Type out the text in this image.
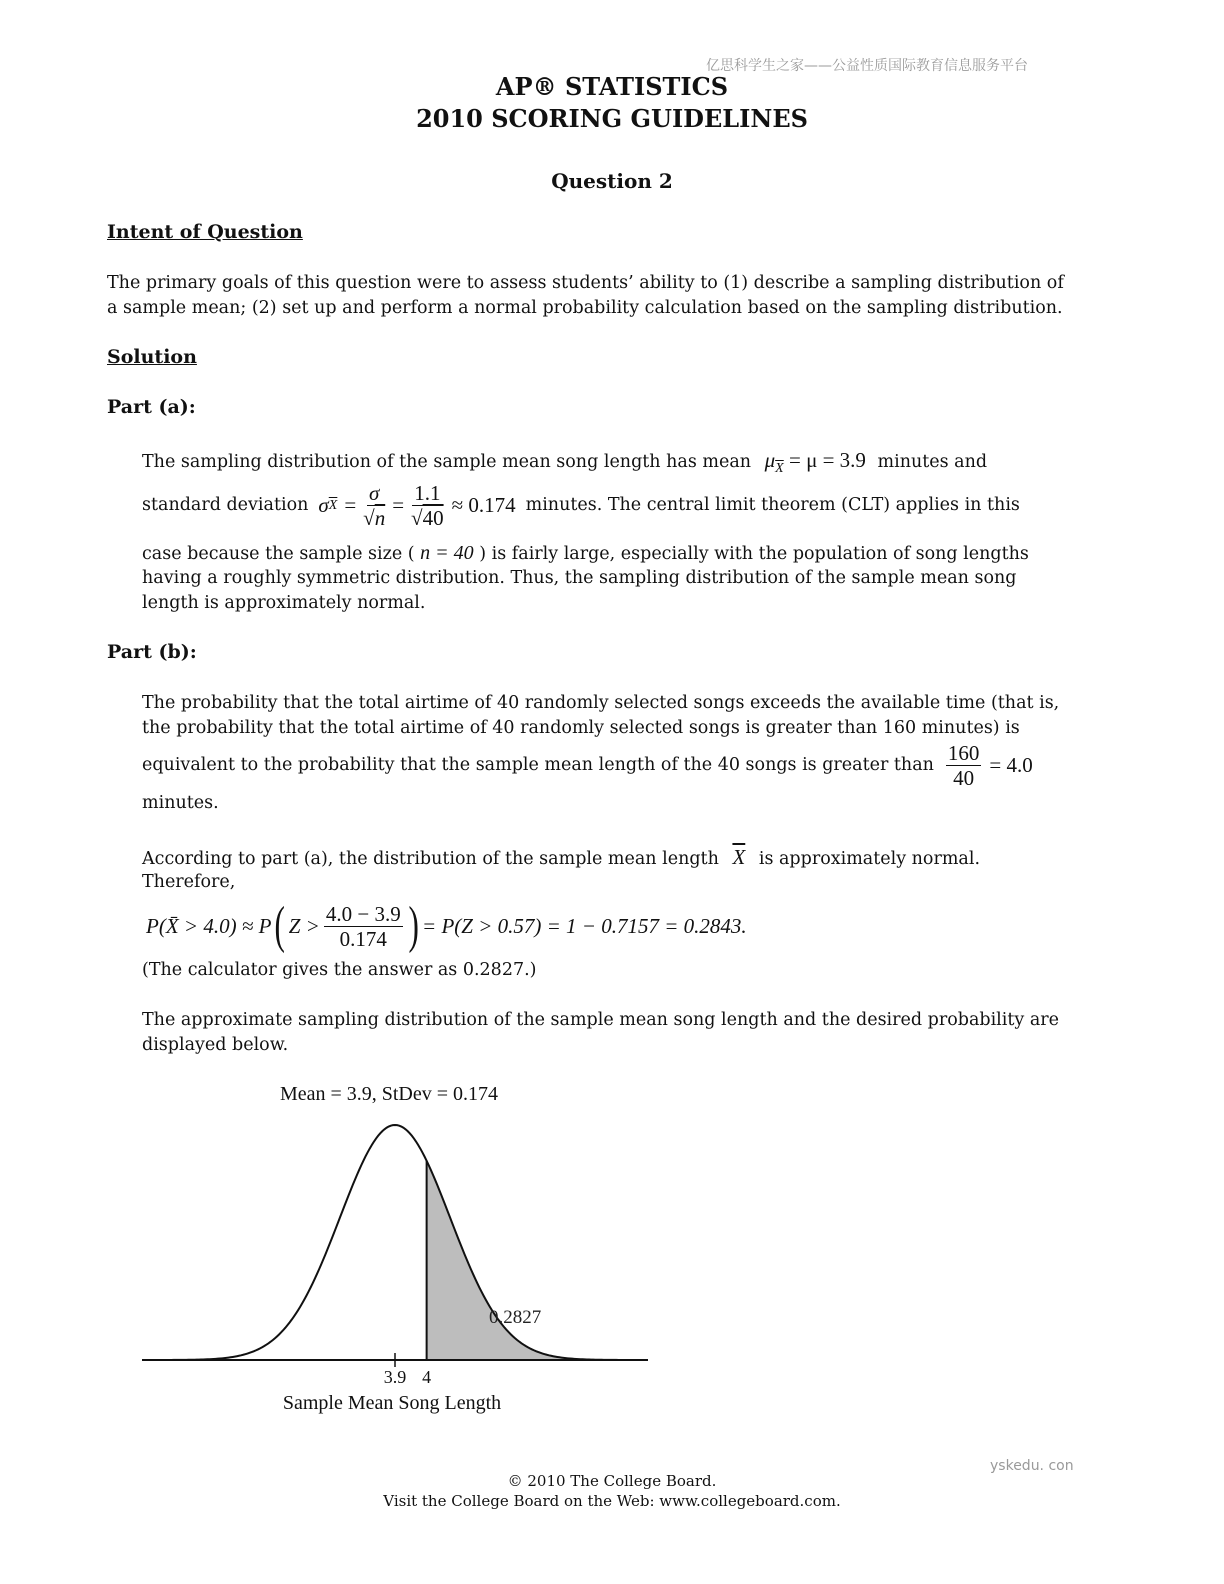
亿思科学生之家——公益性质国际教育信息服务平台
AP® STATISTICS
2010 SCORING GUIDELINES
Question 2
Intent of Question
The primary goals of this question were to assess students’ ability to (1) describe a sampling distribution of
a sample mean; (2) set up and perform a normal probability calculation based on the sampling distribution.
Solution
Part (a):
The sampling distribution of the sample mean song length has mean $\mu_{\overline{X}} = \mu = 3.9$ minutes and
standard deviation σ $\overline{X} = \frac{\sigma}{√n} = \frac{1.1}{√40} \approx 0.174$ minutes. The central limit theorem (CLT) applies in this
case because the sample size ( n = 40 ) is fairly large, especially with the population of song lengths
having a roughly symmetric distribution. Thus, the sampling distribution of the sample mean song
length is approximately normal.
Part (b):
The probability that the total airtime of 40 randomly selected songs exceeds the available time (that is,
the probability that the total airtime of 40 randomly selected songs is greater than 160 minutes) is
equivalent to the probability that the sample mean length of the 40 songs is greater than $\frac{160}{40} = 4.0$
minutes.
According to part (a), the distribution of the sample mean length $\overline{X}$ is approximately normal.
Therefore,
P(X̄ > 4.0) ≈ P ( $Z > \frac{4.0 - 3.9}{0.174}$ ) = P(Z > 0.57) = 1 − 0.7157 = 0.2843.
(The calculator gives the answer as 0.2827.)
The approximate sampling distribution of the sample mean song length and the desired probability are
displayed below.
Mean = 3.9, StDev = 0.174
3.9 4
0.2827
Sample Mean Song Length
yskedu. con
© 2010 The College Board.
Visit the College Board on the Web: www.collegeboard.com.
